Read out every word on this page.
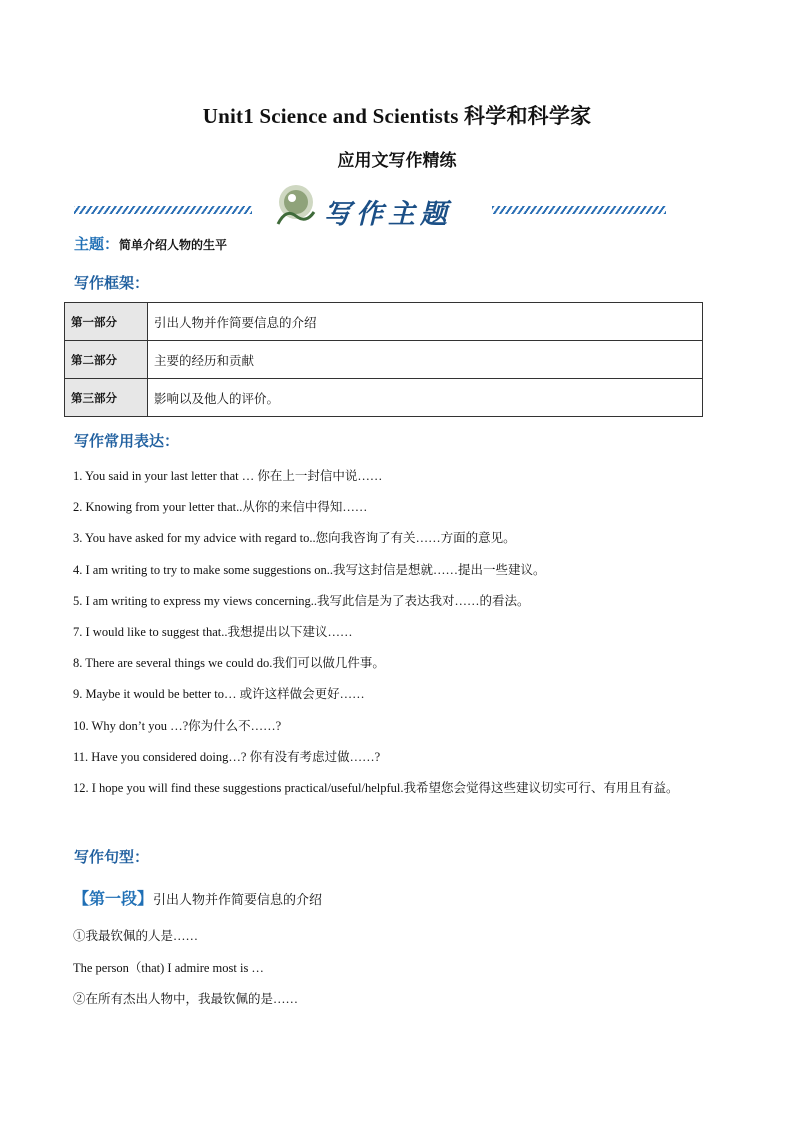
Unit1 Science and Scientists 科学和科学家
应用文写作精练
写作主题
主题：简单介绍人物的生平
写作框架：
第一部分	引出人物并作简要信息的介绍
第二部分	主要的经历和贡献
第三部分	影响以及他人的评价。
写作常用表达：
1. You said in your last letter that … 你在上一封信中说……
2. Knowing from your letter that..从你的来信中得知……
3. You have asked for my advice with regard to..您向我咨询了有关……方面的意见。
4. I am writing to try to make some suggestions on..我写这封信是想就……提出一些建议。
5. I am writing to express my views concerning..我写此信是为了表达我对……的看法。
7. I would like to suggest that..我想提出以下建议……
8. There are several things we could do.我们可以做几件事。
9. Maybe it would be better to… 或许这样做会更好……
10. Why don’t you …?你为什么不……?
11. Have you considered doing…? 你有没有考虑过做……?
12. I hope you will find these suggestions practical/useful/helpful.我希望您会觉得这些建议切实可行、有用且有益。
写作句型：
【第一段】引出人物并作简要信息的介绍
①我最钦佩的人是……
The person（that) I admire most is …
②在所有杰出人物中，我最钦佩的是……
